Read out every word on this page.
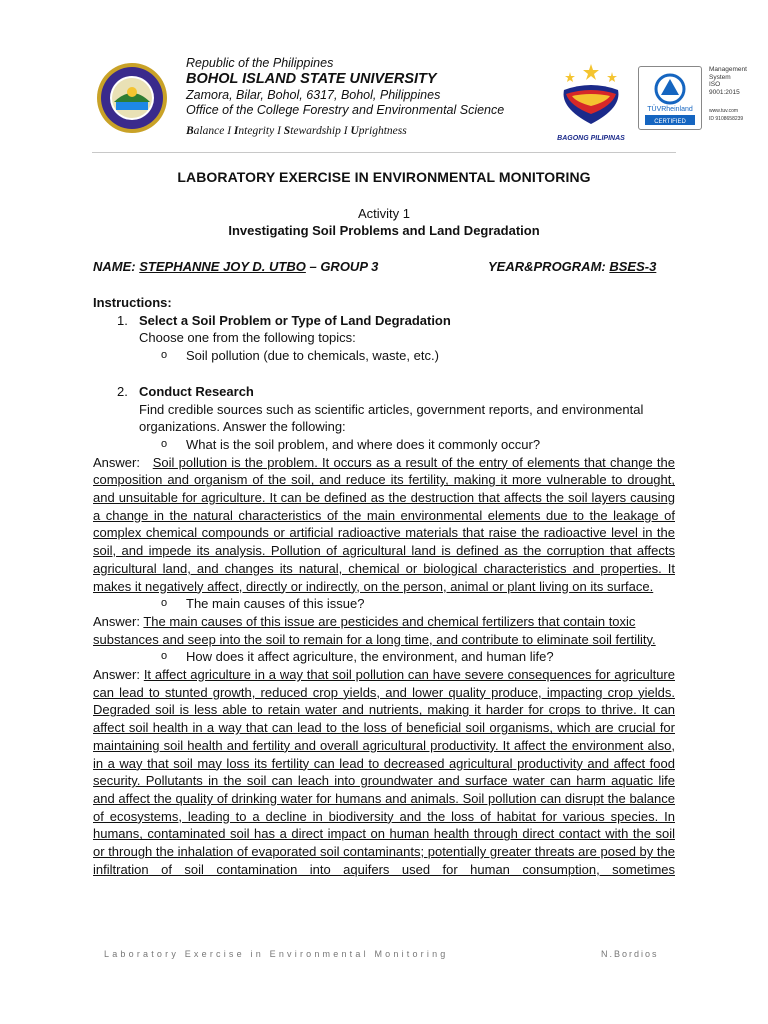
Republic of the Philippines
BOHOL ISLAND STATE UNIVERSITY
Zamora, Bilar, Bohol, 6317, Bohol, Philippines
Office of the College Forestry and Environmental Science
Balance I Integrity I Stewardship I Uprightness
BAGONG PILIPINAS
TÜVRheinland
CERTIFIED
Management
System
ISO 9001:2015
www.tuv.com
ID 9108658239
LABORATORY EXERCISE IN ENVIRONMENTAL MONITORING
Activity 1
Investigating Soil Problems and Land Degradation
NAME: STEPHANNE JOY D. UTBO – GROUP 3	YEAR&PROGRAM: BSES-3
Instructions:
1. Select a Soil Problem or Type of Land Degradation
Choose one from the following topics:
o Soil pollution (due to chemicals, waste, etc.)
2. Conduct Research
Find credible sources such as scientific articles, government reports, and environmental organizations. Answer the following:
o What is the soil problem, and where does it commonly occur?
Answer: Soil pollution is the problem. It occurs as a result of the entry of elements that change the composition and organism of the soil, and reduce its fertility, making it more vulnerable to drought, and unsuitable for agriculture. It can be defined as the destruction that affects the soil layers causing a change in the natural characteristics of the main environmental elements due to the leakage of complex chemical compounds or artificial radioactive materials that raise the radioactive level in the soil, and impede its analysis. Pollution of agricultural land is defined as the corruption that affects agricultural land, and changes its natural, chemical or biological characteristics and properties. It makes it negatively affect, directly or indirectly, on the person, animal or plant living on its surface.
o The main causes of this issue?
Answer: The main causes of this issue are pesticides and chemical fertilizers that contain toxic substances and seep into the soil to remain for a long time, and contribute to eliminate soil fertility.
o How does it affect agriculture, the environment, and human life?
Answer: It affect agriculture in a way that soil pollution can have severe consequences for agriculture can lead to stunted growth, reduced crop yields, and lower quality produce, impacting crop yields. Degraded soil is less able to retain water and nutrients, making it harder for crops to thrive. It can affect soil health in a way that can lead to the loss of beneficial soil organisms, which are crucial for maintaining soil health and fertility and overall agricultural productivity. It affect the environment also, in a way that soil may loss its fertility can lead to decreased agricultural productivity and affect food security. Pollutants in the soil can leach into groundwater and surface water can harm aquatic life and affect the quality of drinking water for humans and animals. Soil pollution can disrupt the balance of ecosystems, leading to a decline in biodiversity and the loss of habitat for various species. In humans, contaminated soil has a direct impact on human health through direct contact with the soil or through the inhalation of evaporated soil contaminants; potentially greater threats are posed by the infiltration of soil contamination into aquifers used for human consumption, sometimes
Laboratory Exercise in Environmental Monitoring	N.Bordios
